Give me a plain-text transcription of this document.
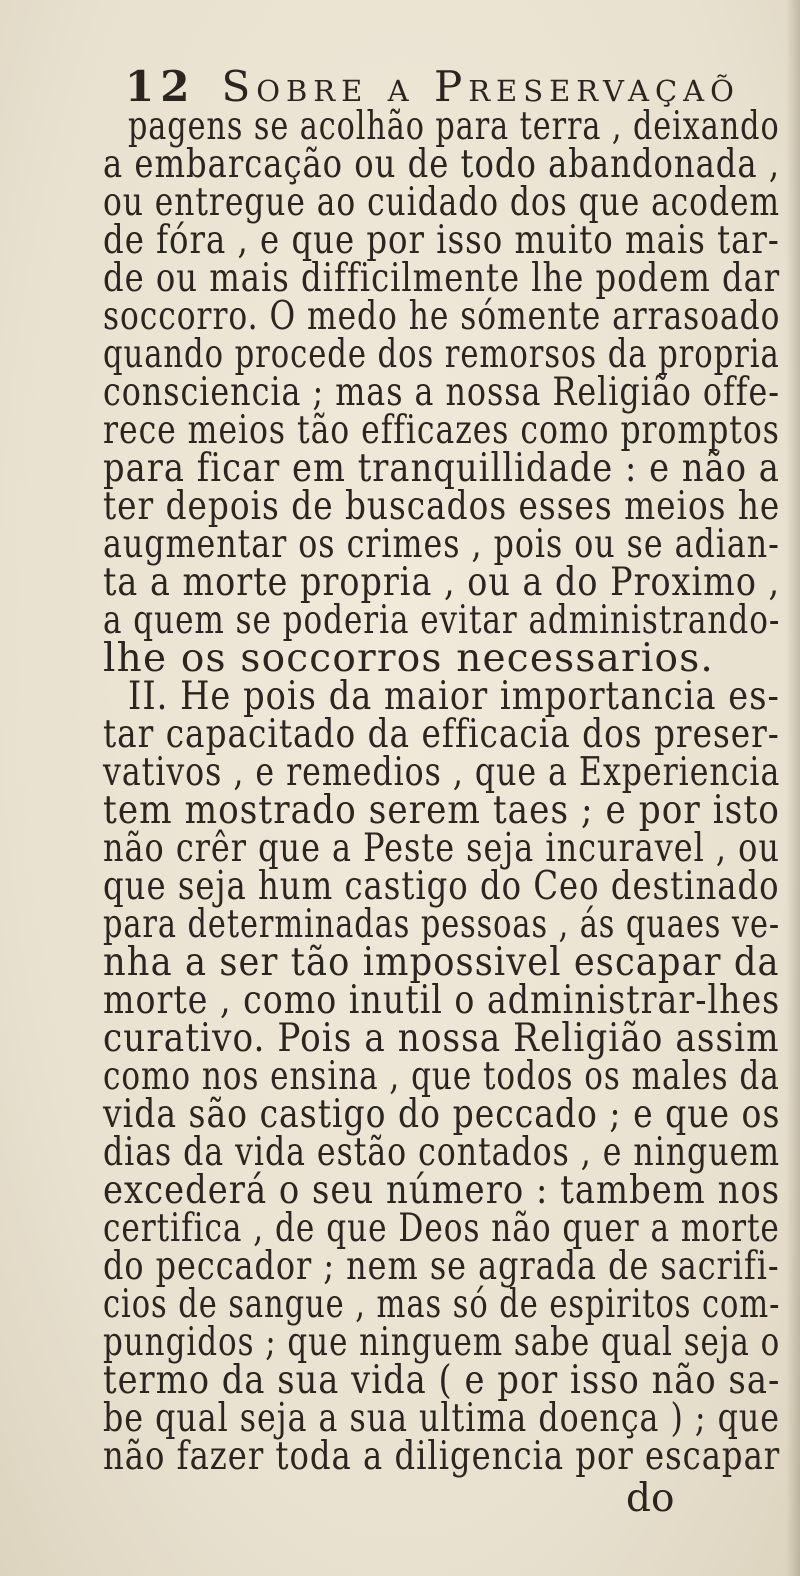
12 Sobre a Preservaçaõ
pagens se acolhão para terra , deixando
a embarcação ou de todo abandonada ,
ou entregue ao cuidado dos que acodem
de fóra , e que por isso muito mais tar-
de ou mais difficilmente lhe podem dar
soccorro. O medo he sómente arrasoado
quando procede dos remorsos da propria
consciencia ; mas a nossa Religião offe-
rece meios tão efficazes como promptos
para ficar em tranquillidade : e não a
ter depois de buscados esses meios he
augmentar os crimes , pois ou se adian-
ta a morte propria , ou a do Proximo ,
a quem se poderia evitar administrando-
lhe os soccorros necessarios.
II. He pois da maior importancia es-
tar capacitado da efficacia dos preser-
vativos , e remedios , que a Experiencia
tem mostrado serem taes ; e por isto
não crêr que a Peste seja incuravel , ou
que seja hum castigo do Ceo destinado
para determinadas pessoas , ás quaes ve-
nha a ser tão impossivel escapar da
morte , como inutil o administrar-lhes
curativo. Pois a nossa Religião assim
como nos ensina , que todos os males da
vida são castigo do peccado ; e que os
dias da vida estão contados , e ninguem
excederá o seu número : tambem nos
certifica , de que Deos não quer a morte
do peccador ; nem se agrada de sacrifi-
cios de sangue , mas só de espiritos com-
pungidos ; que ninguem sabe qual seja o
termo da sua vida ( e por isso não sa-
be qual seja a sua ultima doença ) ; que
não fazer toda a diligencia por escapar
do
